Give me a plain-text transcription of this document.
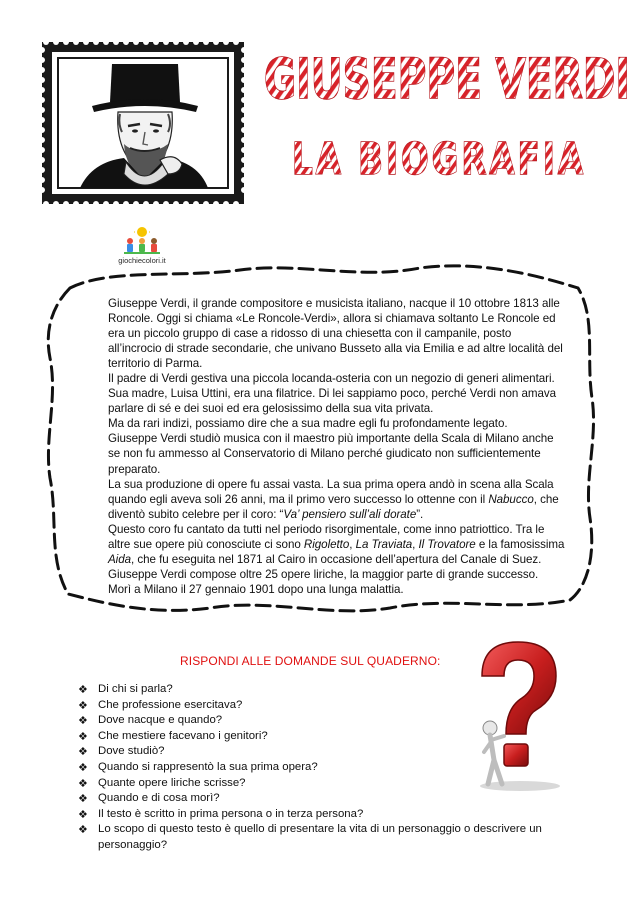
GIUSEPPE VERDI
LA BIOGRAFIA
giochiecolori.it

Giuseppe Verdi, il grande compositore e musicista italiano, nacque il 10 ottobre 1813 alle Roncole. Oggi si chiama «Le Roncole-Verdi», allora si chiamava soltanto Le Roncole ed era un piccolo gruppo di case a ridosso di una chiesetta con il campanile, posto all’incrocio di strade secondarie, che univano Busseto alla via Emilia e ad altre località del territorio di Parma.

Il padre di Verdi gestiva una piccola locanda-osteria con un negozio di generi alimentari. Sua madre, Luisa Uttini, era una filatrice. Di lei sappiamo poco, perché Verdi non amava parlare di sé e dei suoi ed era gelosissimo della sua vita privata.

Ma da rari indizi, possiamo dire che a sua madre egli fu profondamente legato.

Giuseppe Verdi studiò musica con il maestro più importante della Scala di Milano anche se non fu ammesso al Conservatorio di Milano perché giudicato non sufficientemente preparato.

La sua produzione di opere fu assai vasta. La sua prima opera andò in scena alla Scala quando egli aveva soli 26 anni, ma il primo vero successo lo ottenne con il Nabucco, che diventò subito celebre per il coro: “Va’ pensiero sull’ali dorate”.

Questo coro fu cantato da tutti nel periodo risorgimentale, come inno patriottico. Tra le altre sue opere più conosciute ci sono Rigoletto, La Traviata, Il Trovatore e la famosissima Aida, che fu eseguita nel 1871 al Cairo in occasione dell’apertura del Canale di Suez.

Giuseppe Verdi compose oltre 25 opere liriche, la maggior parte di grande successo.

Morì a Milano il 27 gennaio 1901 dopo una lunga malattia.

RISPONDI ALLE DOMANDE SUL QUADERNO:
❖ Di chi si parla?
❖ Che professione esercitava?
❖ Dove nacque e quando?
❖ Che mestiere facevano i genitori?
❖ Dove studiò?
❖ Quando si rappresentò la sua prima opera?
❖ Quante opere liriche scrisse?
❖ Quando e di cosa morì?
❖ Il testo è scritto in prima persona o in terza persona?
❖ Lo scopo di questo testo è quello di presentare la vita di un personaggio o descrivere un personaggio?
